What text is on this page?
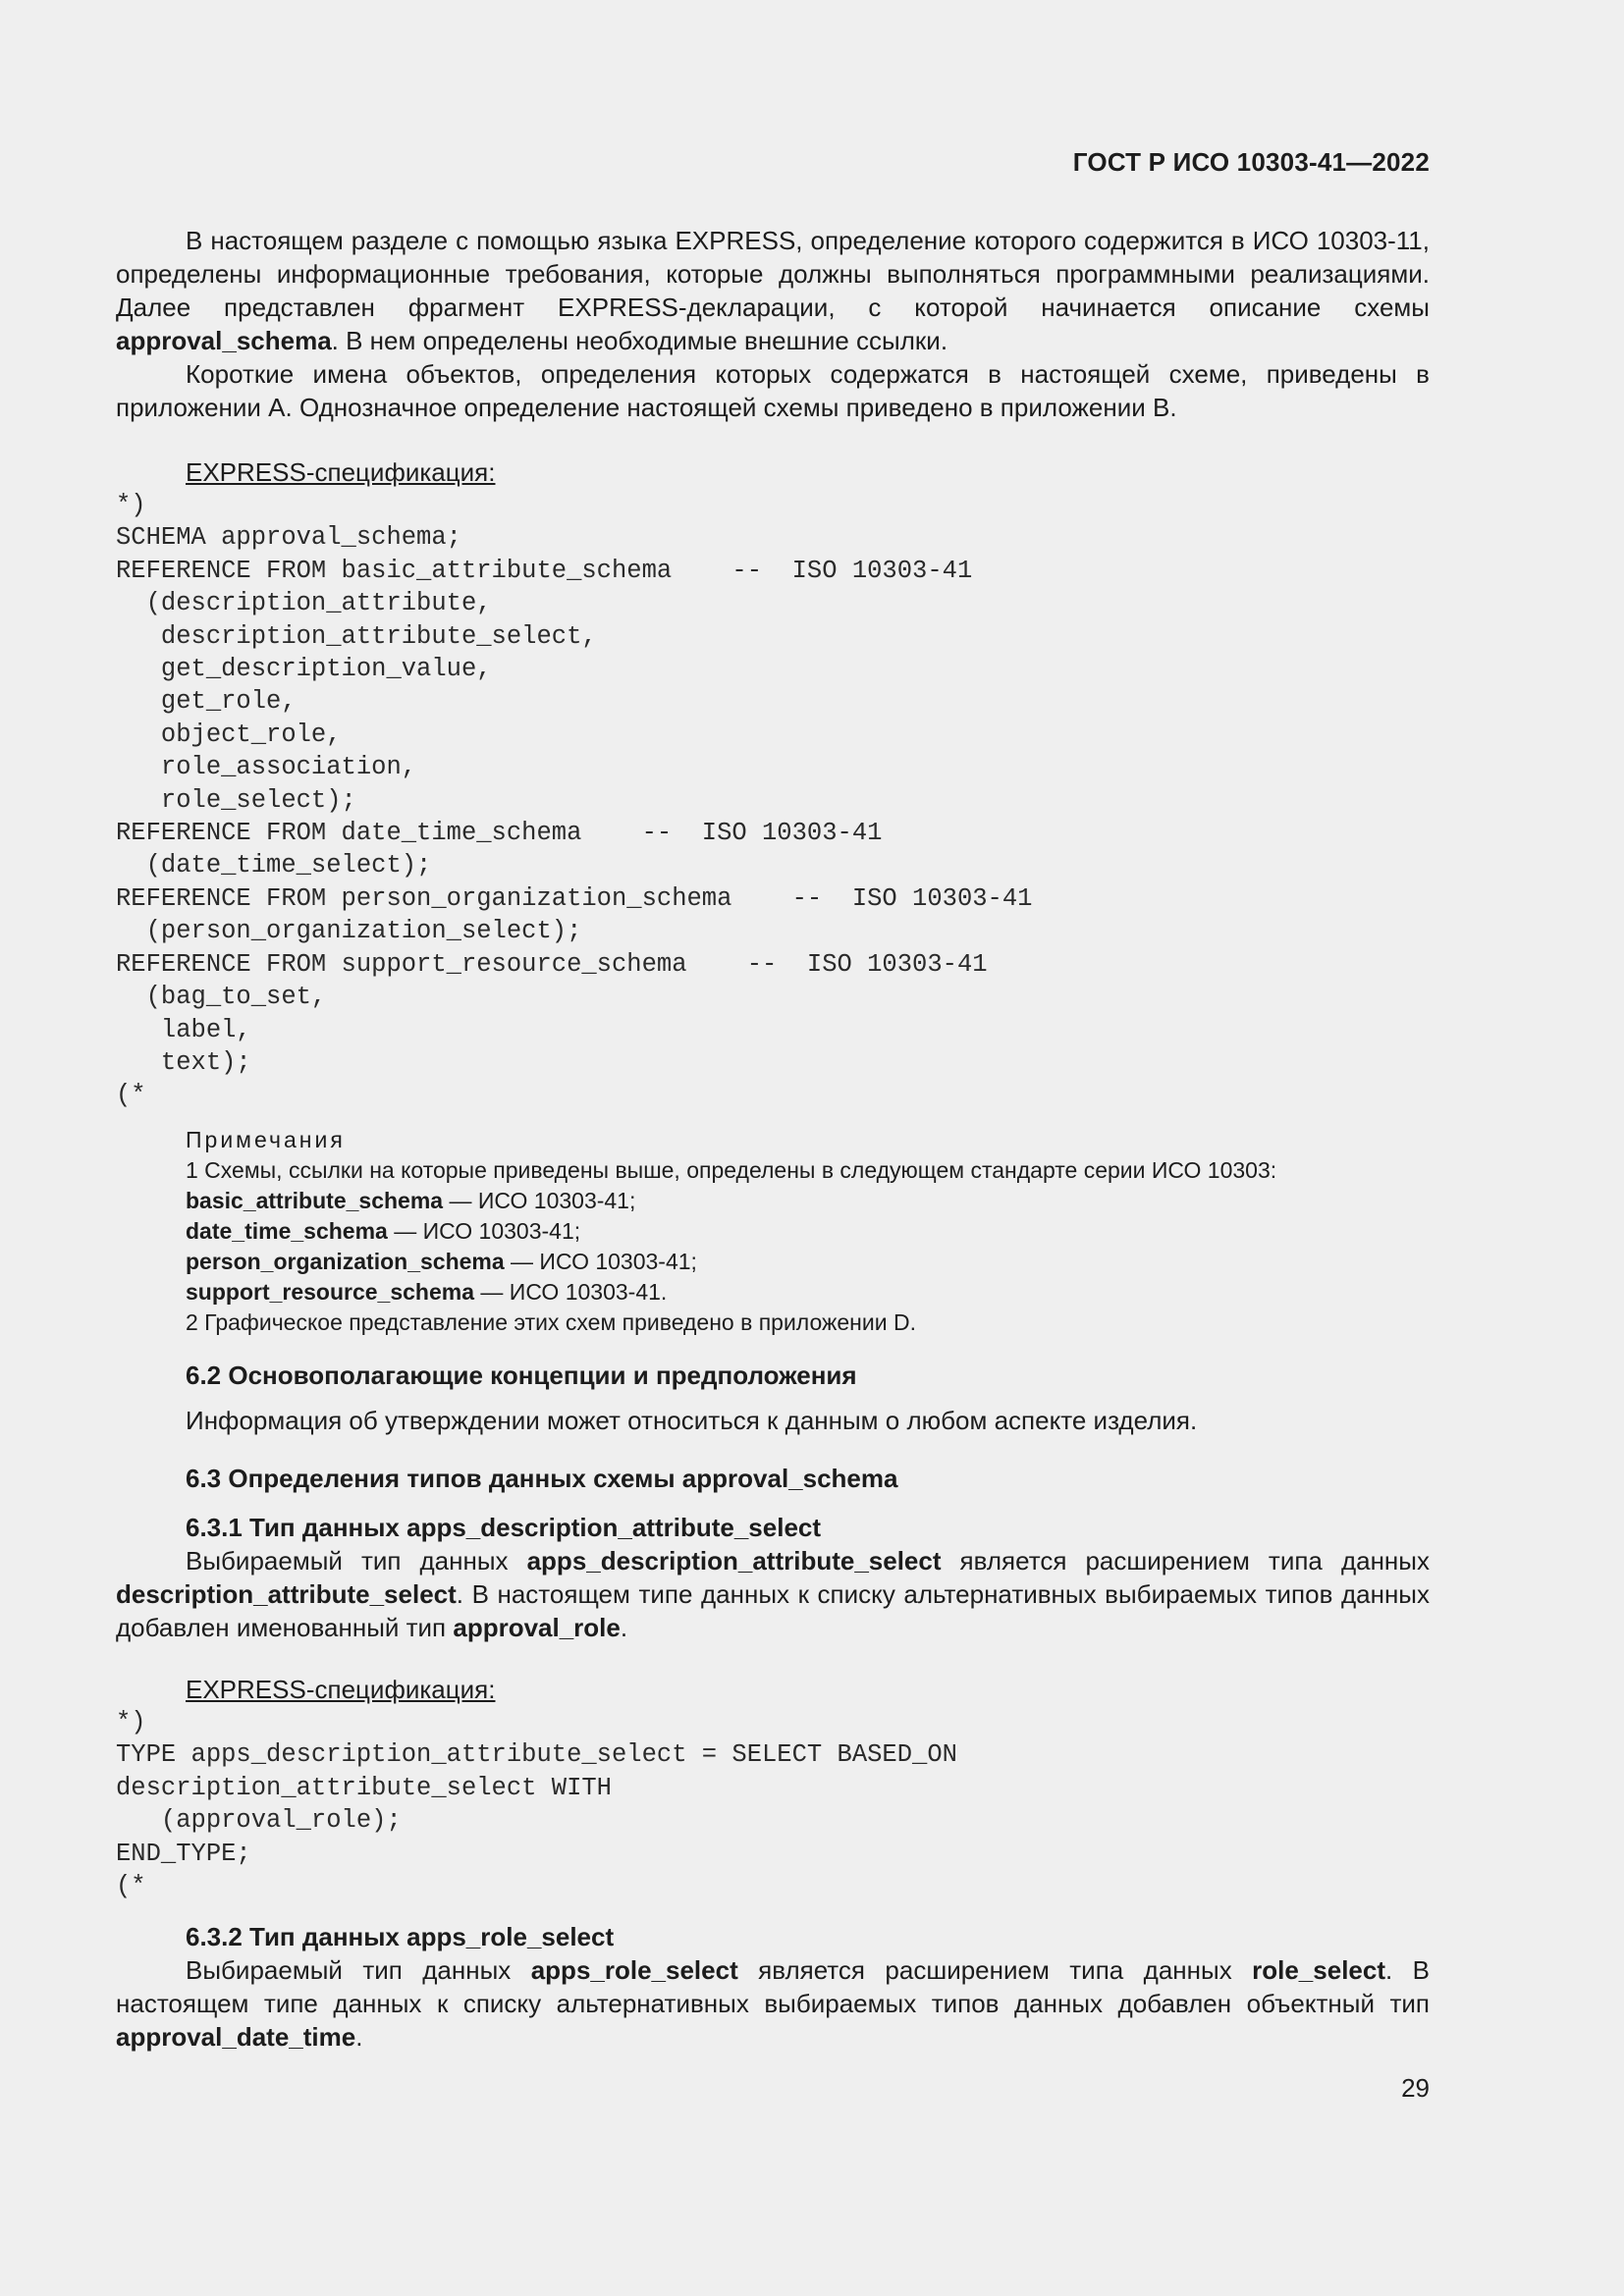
ГОСТ Р ИСО 10303-41—2022

В настоящем разделе с помощью языка EXPRESS, определение которого содержится в ИСО 10303-11, определены информационные требования, которые должны выполняться программными реализациями. Далее представлен фрагмент EXPRESS-декларации, с которой начинается описание схемы approval_schema. В нем определены необходимые внешние ссылки.

Короткие имена объектов, определения которых содержатся в настоящей схеме, приведены в приложении А. Однозначное определение настоящей схемы приведено в приложении В.

EXPRESS-спецификация:
*)
SCHEMA approval_schema;
REFERENCE FROM basic_attribute_schema    --  ISO 10303-41
(description_attribute,
description_attribute_select,
get_description_value,
get_role,
object_role,
role_association,
role_select);
REFERENCE FROM date_time_schema    --  ISO 10303-41
(date_time_select);
REFERENCE FROM person_organization_schema    --  ISO 10303-41
(person_organization_select);
REFERENCE FROM support_resource_schema    --  ISO 10303-41
(bag_to_set,
label,
text);
(*
Примечания
1 Схемы, ссылки на которые приведены выше, определены в следующем стандарте серии ИСО 10303:
basic_attribute_schema — ИСО 10303-41;
date_time_schema — ИСО 10303-41;
person_organization_schema — ИСО 10303-41;
support_resource_schema — ИСО 10303-41.
2 Графическое представление этих схем приведено в приложении D.
6.2 Основополагающие концепции и предположения

Информация об утверждении может относиться к данным о любом аспекте изделия.

6.3 Определения типов данных схемы approval_schema
6.3.1 Тип данных apps_description_attribute_select

Выбираемый тип данных apps_description_attribute_select является расширением типа данных description_attribute_select. В настоящем типе данных к списку альтернативных выбираемых типов данных добавлен именованный тип approval_role.

EXPRESS-спецификация:
*)
TYPE apps_description_attribute_select = SELECT BASED_ON
description_attribute_select WITH
(approval_role);
END_TYPE;
(*
6.3.2 Тип данных apps_role_select

Выбираемый тип данных apps_role_select является расширением типа данных role_select. В настоящем типе данных к списку альтернативных выбираемых типов данных добавлен объектный тип approval_date_time.

29
